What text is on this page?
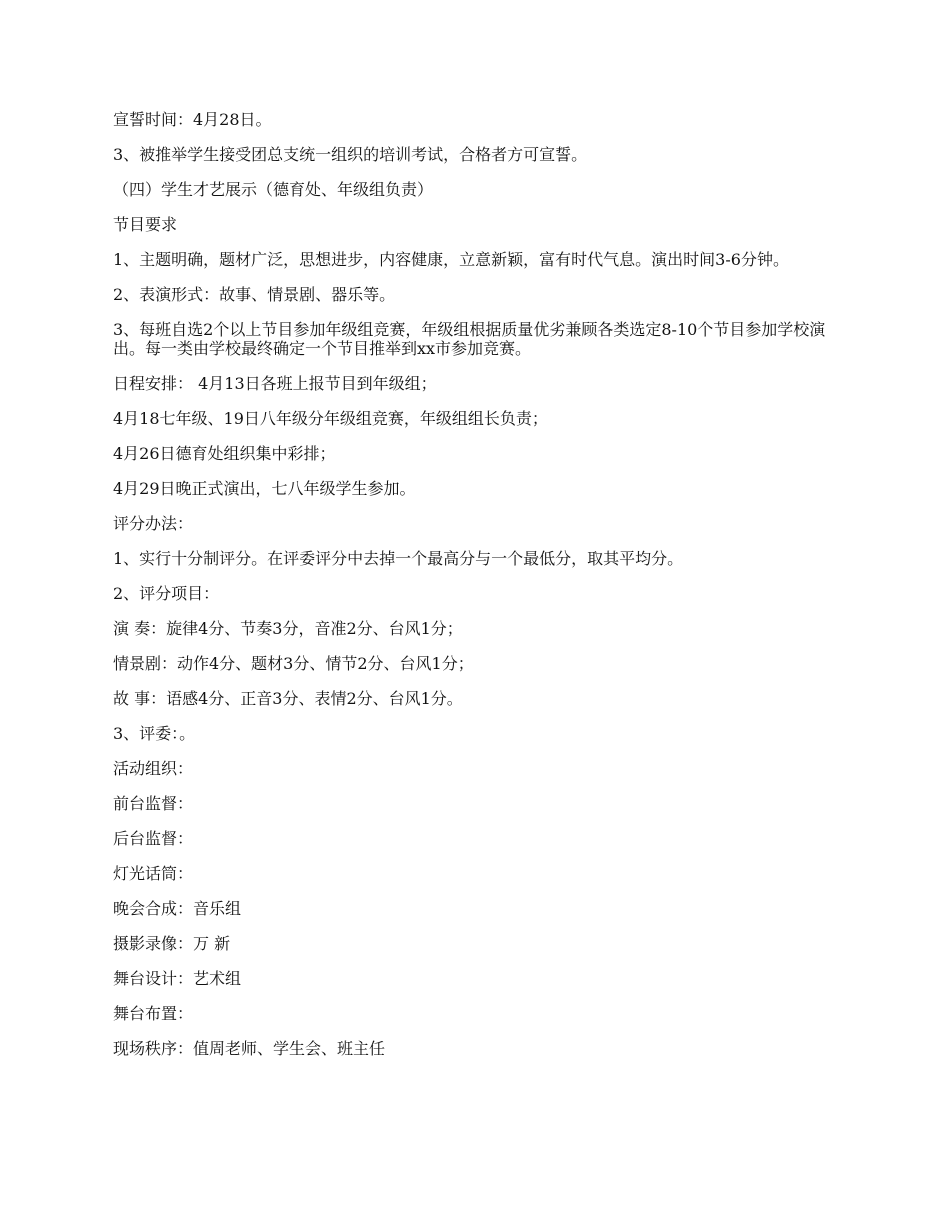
宣誓时间：4月28日。

3、被推举学生接受团总支统一组织的培训考试，合格者方可宣誓。

（四）学生才艺展示（德育处、年级组负责）

节目要求

1、主题明确，题材广泛，思想进步，内容健康，立意新颖，富有时代气息。演出时间3-6分钟。

2、表演形式：故事、情景剧、器乐等。

3、每班自选2个以上节目参加年级组竞赛，年级组根据质量优劣兼顾各类选定8-10个节目参加学校演出。每一类由学校最终确定一个节目推举到xx市参加竞赛。

日程安排： 4月13日各班上报节目到年级组；

4月18七年级、19日八年级分年级组竞赛，年级组组长负责；

4月26日德育处组织集中彩排；

4月29日晚正式演出，七八年级学生参加。

评分办法：

1、实行十分制评分。在评委评分中去掉一个最高分与一个最低分，取其平均分。

2、评分项目：

演 奏：旋律4分、节奏3分，音准2分、台风1分；

情景剧：动作4分、题材3分、情节2分、台风1分；

故 事：语感4分、正音3分、表情2分、台风1分。

3、评委：。

活动组织：

前台监督：

后台监督：

灯光话筒：

晚会合成：音乐组

摄影录像：万 新

舞台设计：艺术组

舞台布置：

现场秩序：值周老师、学生会、班主任
